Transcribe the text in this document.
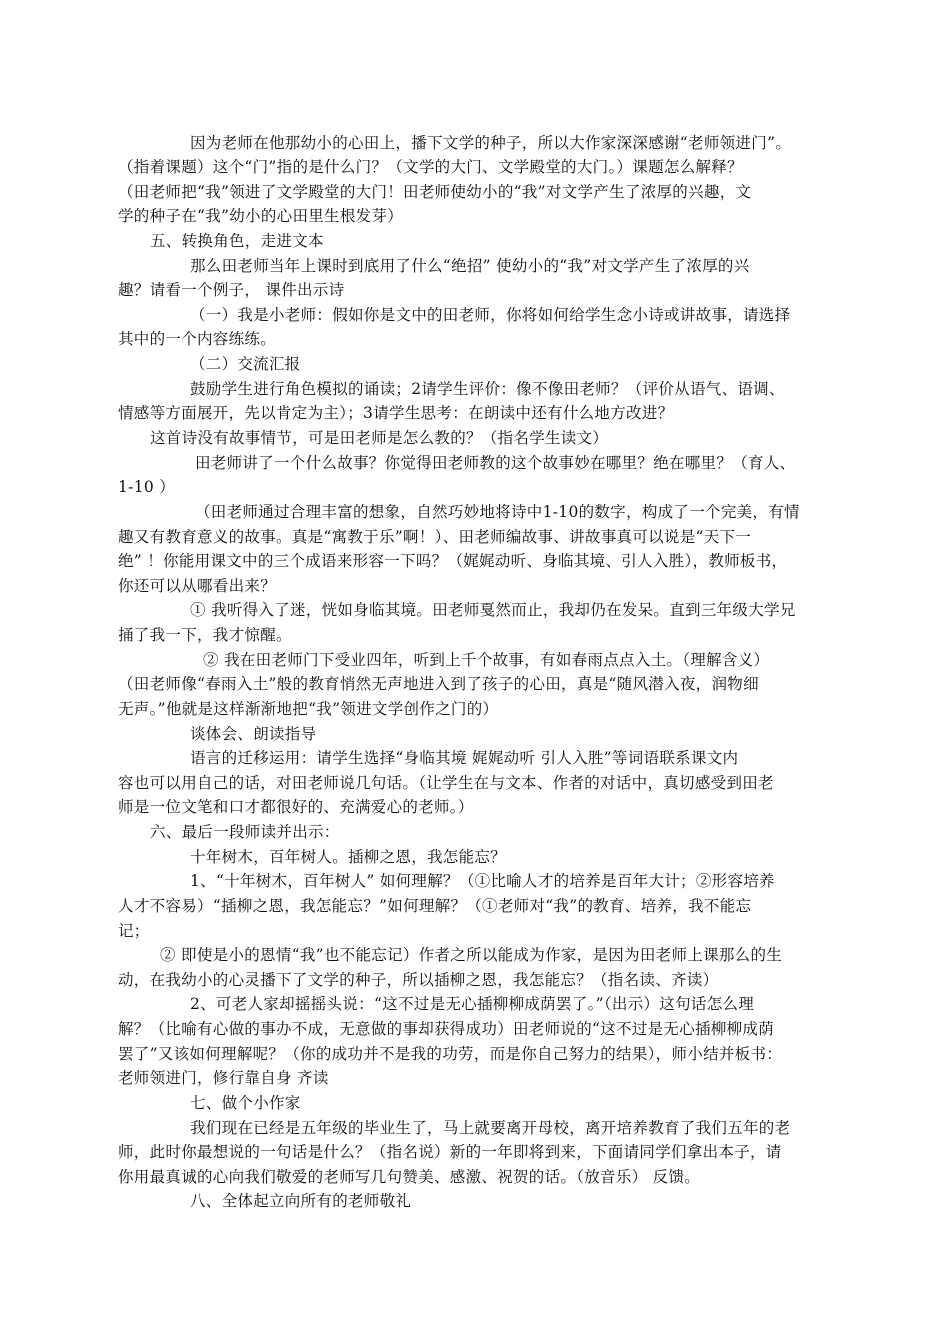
因为老师在他那幼小的心田上，播下文学的种子，所以大作家深深感谢“老师领进门”。
（指着课题）这个“门”指的是什么门？（文学的大门、文学殿堂的大门。）课题怎么解释？
（田老师把“我”领进了文学殿堂的大门！田老师使幼小的“我”对文学产生了浓厚的兴趣，文
学的种子在“我”幼小的心田里生根发芽）
五、转换角色，走进文本
那么田老师当年上课时到底用了什么“绝招” 使幼小的“我”对文学产生了浓厚的兴
趣？请看一个例子， 课件出示诗
（一）我是小老师：假如你是文中的田老师，你将如何给学生念小诗或讲故事，请选择
其中的一个内容练练。
（二）交流汇报
鼓励学生进行角色模拟的诵读；2请学生评价：像不像田老师？（评价从语气、语调、
情感等方面展开，先以肯定为主）；3请学生思考：在朗读中还有什么地方改进？
这首诗没有故事情节，可是田老师是怎么教的？（指名学生读文）
田老师讲了一个什么故事？你觉得田老师教的这个故事妙在哪里？绝在哪里？（育人、
1-10 ）
（田老师通过合理丰富的想象，自然巧妙地将诗中1-10的数字，构成了一个完美，有情
趣又有教育意义的故事。真是“寓教于乐”啊！）、田老师编故事、讲故事真可以说是“天下一
绝” ！你能用课文中的三个成语来形容一下吗？（娓娓动听、身临其境、引人入胜），教师板书，
你还可以从哪看出来？
① 我听得入了迷，恍如身临其境。田老师戛然而止，我却仍在发呆。直到三年级大学兄
捅了我一下，我才惊醒。
② 我在田老师门下受业四年，听到上千个故事，有如春雨点点入土。（理解含义）
（田老师像“春雨入土”般的教育悄然无声地进入到了孩子的心田，真是“随风潜入夜，润物细
无声。”他就是这样渐渐地把“我”领进文学创作之门的）
谈体会、朗读指导
语言的迁移运用：请学生选择“身临其境 娓娓动听 引人入胜”等词语联系课文内
容也可以用自己的话，对田老师说几句话。（让学生在与文本、作者的对话中，真切感受到田老
师是一位文笔和口才都很好的、充满爱心的老师。）
六、最后一段师读并出示：
十年树木，百年树人。插柳之恩，我怎能忘？
1、“十年树木，百年树人” 如何理解？（①比喻人才的培养是百年大计；②形容培养
人才不容易）“插柳之恩，我怎能忘？”如何理解？（①老师对“我”的教育、培养，我不能忘
记；
② 即使是小的恩情“我”也不能忘记）作者之所以能成为作家，是因为田老师上课那么的生
动，在我幼小的心灵播下了文学的种子，所以插柳之恩，我怎能忘？（指名读、齐读）
2、可老人家却摇摇头说：“这不过是无心插柳柳成荫罢了。”（出示）这句话怎么理
解？（比喻有心做的事办不成，无意做的事却获得成功）田老师说的“这不过是无心插柳柳成荫
罢了”又该如何理解呢？（你的成功并不是我的功劳，而是你自己努力的结果），师小结并板书：
老师领进门，修行靠自身 齐读
七、做个小作家
我们现在已经是五年级的毕业生了，马上就要离开母校，离开培养教育了我们五年的老
师，此时你最想说的一句话是什么？（指名说）新的一年即将到来，下面请同学们拿出本子，请
你用最真诚的心向我们敬爱的老师写几句赞美、感激、祝贺的话。（放音乐） 反馈。
八、全体起立向所有的老师敬礼
